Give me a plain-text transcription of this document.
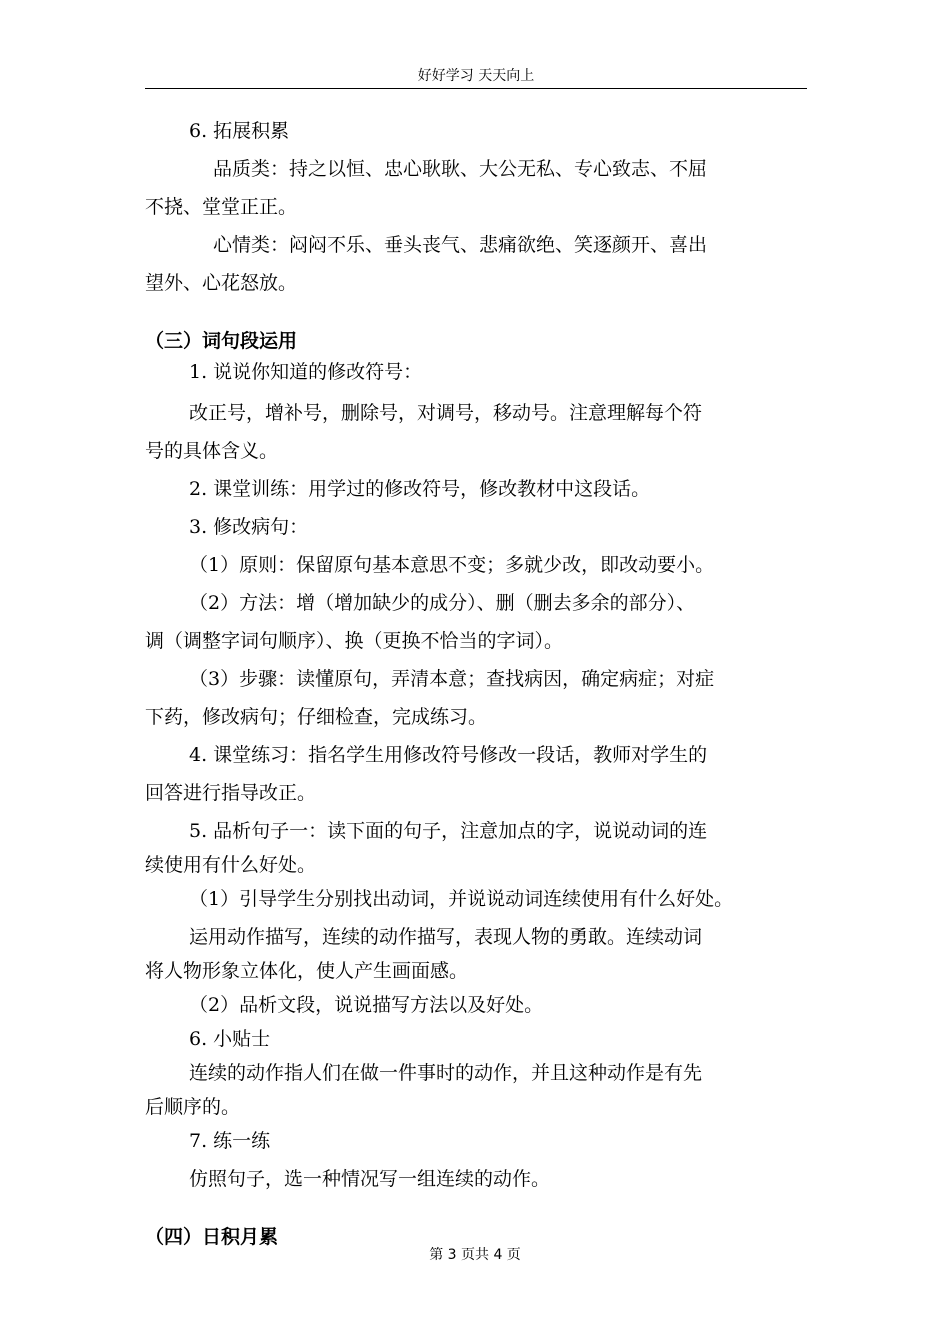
好好学习 天天向上

6. 拓展积累

品质类：持之以恒、忠心耿耿、大公无私、专心致志、不屈

不挠、堂堂正正。

心情类：闷闷不乐、垂头丧气、悲痛欲绝、笑逐颜开、喜出

望外、心花怒放。

（三）词句段运用

1. 说说你知道的修改符号：

改正号，增补号，删除号，对调号，移动号。注意理解每个符

号的具体含义。

2. 课堂训练：用学过的修改符号，修改教材中这段话。

3. 修改病句：

（1）原则：保留原句基本意思不变；多就少改，即改动要小。

（2）方法：增（增加缺少的成分）、删（删去多余的部分）、

调（调整字词句顺序）、换（更换不恰当的字词）。

（3）步骤：读懂原句，弄清本意；查找病因，确定病症；对症

下药，修改病句；仔细检查，完成练习。

4. 课堂练习：指名学生用修改符号修改一段话，教师对学生的

回答进行指导改正。

5. 品析句子一：读下面的句子，注意加点的字，说说动词的连

续使用有什么好处。

（1）引导学生分别找出动词，并说说动词连续使用有什么好处。

运用动作描写，连续的动作描写，表现人物的勇敢。连续动词

将人物形象立体化，使人产生画面感。

（2）品析文段，说说描写方法以及好处。

6. 小贴士

连续的动作指人们在做一件事时的动作，并且这种动作是有先

后顺序的。

7. 练一练

仿照句子，选一种情况写一组连续的动作。

（四）日积月累

第 3 页共 4 页
